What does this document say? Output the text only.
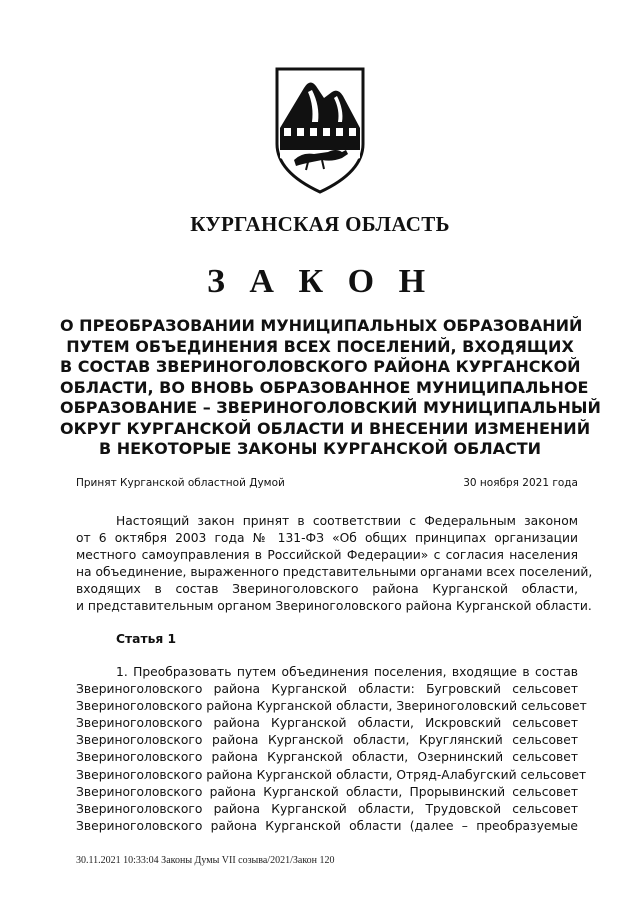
КУРГАНСКАЯ ОБЛАСТЬ
З А К О Н
О ПРЕОБРАЗОВАНИИ МУНИЦИПАЛЬНЫХ ОБРАЗОВАНИЙ
ПУТЕМ ОБЪЕДИНЕНИЯ ВСЕХ ПОСЕЛЕНИЙ, ВХОДЯЩИХ
В СОСТАВ ЗВЕРИНОГОЛОВСКОГО РАЙОНА КУРГАНСКОЙ
ОБЛАСТИ, ВО ВНОВЬ ОБРАЗОВАННОЕ МУНИЦИПАЛЬНОЕ
ОБРАЗОВАНИЕ – ЗВЕРИНОГОЛОВСКИЙ МУНИЦИПАЛЬНЫЙ
ОКРУГ КУРГАНСКОЙ ОБЛАСТИ И ВНЕСЕНИИ ИЗМЕНЕНИЙ
В НЕКОТОРЫЕ ЗАКОНЫ КУРГАНСКОЙ ОБЛАСТИ
Принят Курганской областной Думой	30 ноября 2021 года
Настоящий закон принят в соответствии с Федеральным законом
от 6 октября 2003 года № 131-ФЗ «Об общих принципах организации
местного самоуправления в Российской Федерации» с согласия населения
на объединение, выраженного представительными органами всех поселений,
входящих в состав Звериноголовского района Курганской области,
и представительным органом Звериноголовского района Курганской области.
Статья 1
1. Преобразовать путем объединения поселения, входящие в состав
Звериноголовского района Курганской области: Бугровский сельсовет
Звериноголовского района Курганской области, Звериноголовский сельсовет
Звериноголовского района Курганской области, Искровский сельсовет
Звериноголовского района Курганской области, Круглянский сельсовет
Звериноголовского района Курганской области, Озернинский сельсовет
Звериноголовского района Курганской области, Отряд-Алабугский сельсовет
Звериноголовского района Курганской области, Прорывинский сельсовет
Звериноголовского района Курганской области, Трудовской сельсовет
Звериноголовского района Курганской области (далее – преобразуемые
30.11.2021 10:33:04 Законы Думы VII созыва/2021/Закон 120
